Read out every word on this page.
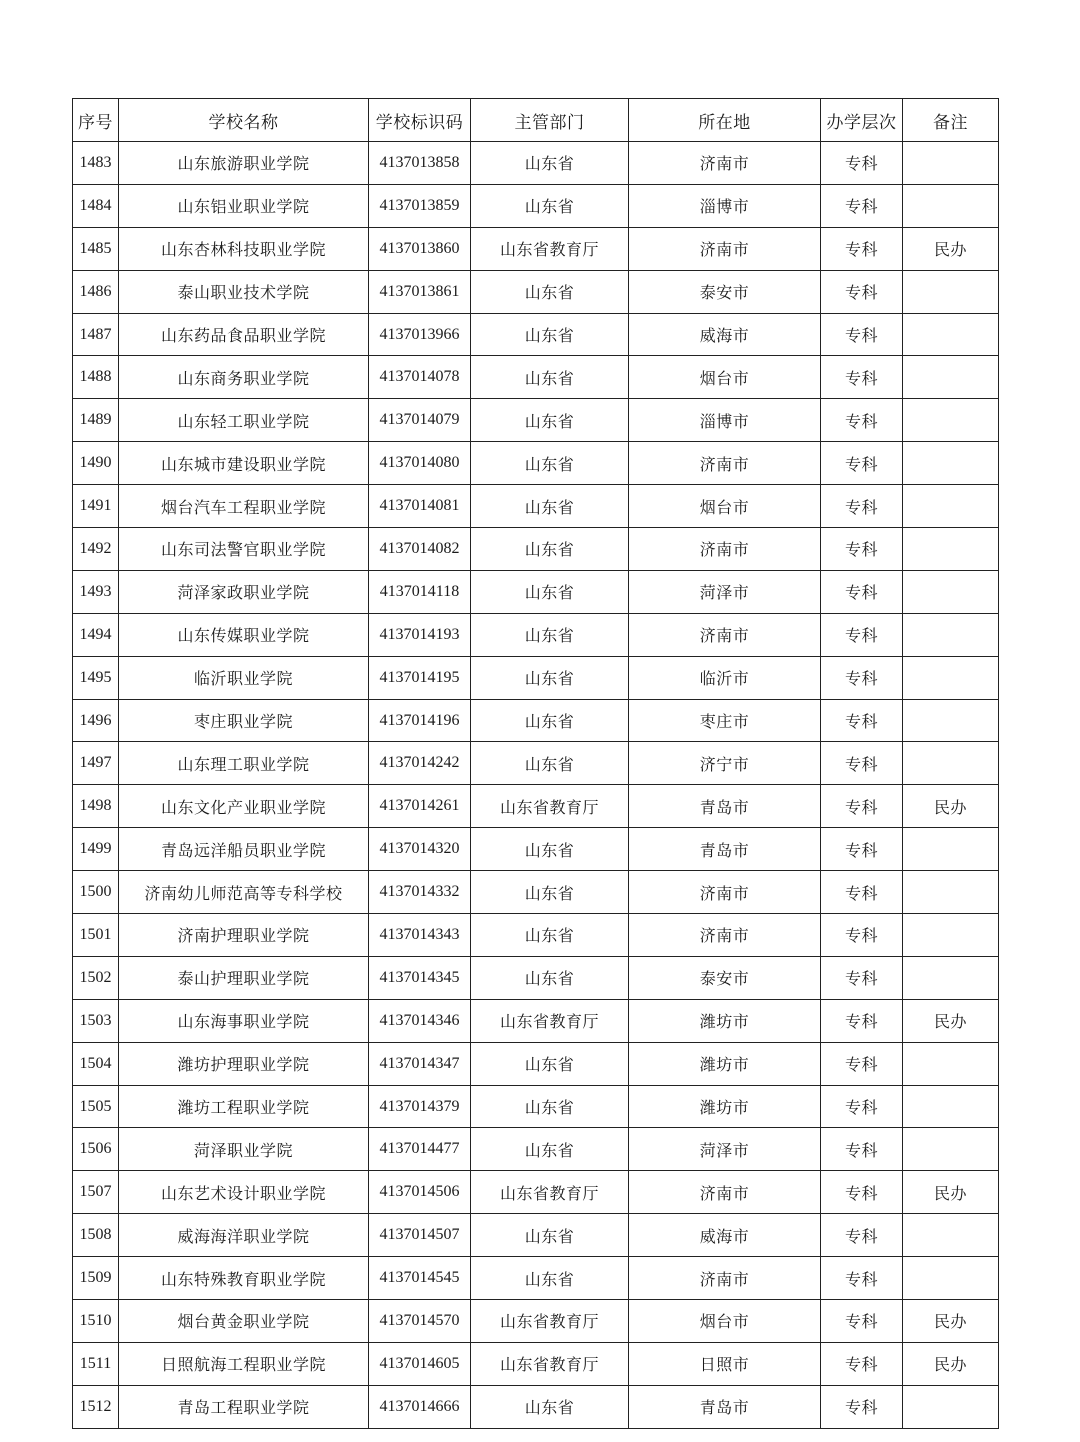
序号	学校名称	学校标识码	主管部门	所在地	办学层次	备注
1483	山东旅游职业学院	4137013858	山东省	济南市	专科	
1484	山东铝业职业学院	4137013859	山东省	淄博市	专科	
1485	山东杏林科技职业学院	4137013860	山东省教育厅	济南市	专科	民办
1486	泰山职业技术学院	4137013861	山东省	泰安市	专科	
1487	山东药品食品职业学院	4137013966	山东省	威海市	专科	
1488	山东商务职业学院	4137014078	山东省	烟台市	专科	
1489	山东轻工职业学院	4137014079	山东省	淄博市	专科	
1490	山东城市建设职业学院	4137014080	山东省	济南市	专科	
1491	烟台汽车工程职业学院	4137014081	山东省	烟台市	专科	
1492	山东司法警官职业学院	4137014082	山东省	济南市	专科	
1493	菏泽家政职业学院	4137014118	山东省	菏泽市	专科	
1494	山东传媒职业学院	4137014193	山东省	济南市	专科	
1495	临沂职业学院	4137014195	山东省	临沂市	专科	
1496	枣庄职业学院	4137014196	山东省	枣庄市	专科	
1497	山东理工职业学院	4137014242	山东省	济宁市	专科	
1498	山东文化产业职业学院	4137014261	山东省教育厅	青岛市	专科	民办
1499	青岛远洋船员职业学院	4137014320	山东省	青岛市	专科	
1500	济南幼儿师范高等专科学校	4137014332	山东省	济南市	专科	
1501	济南护理职业学院	4137014343	山东省	济南市	专科	
1502	泰山护理职业学院	4137014345	山东省	泰安市	专科	
1503	山东海事职业学院	4137014346	山东省教育厅	潍坊市	专科	民办
1504	潍坊护理职业学院	4137014347	山东省	潍坊市	专科	
1505	潍坊工程职业学院	4137014379	山东省	潍坊市	专科	
1506	菏泽职业学院	4137014477	山东省	菏泽市	专科	
1507	山东艺术设计职业学院	4137014506	山东省教育厅	济南市	专科	民办
1508	威海海洋职业学院	4137014507	山东省	威海市	专科	
1509	山东特殊教育职业学院	4137014545	山东省	济南市	专科	
1510	烟台黄金职业学院	4137014570	山东省教育厅	烟台市	专科	民办
1511	日照航海工程职业学院	4137014605	山东省教育厅	日照市	专科	民办
1512	青岛工程职业学院	4137014666	山东省	青岛市	专科	
